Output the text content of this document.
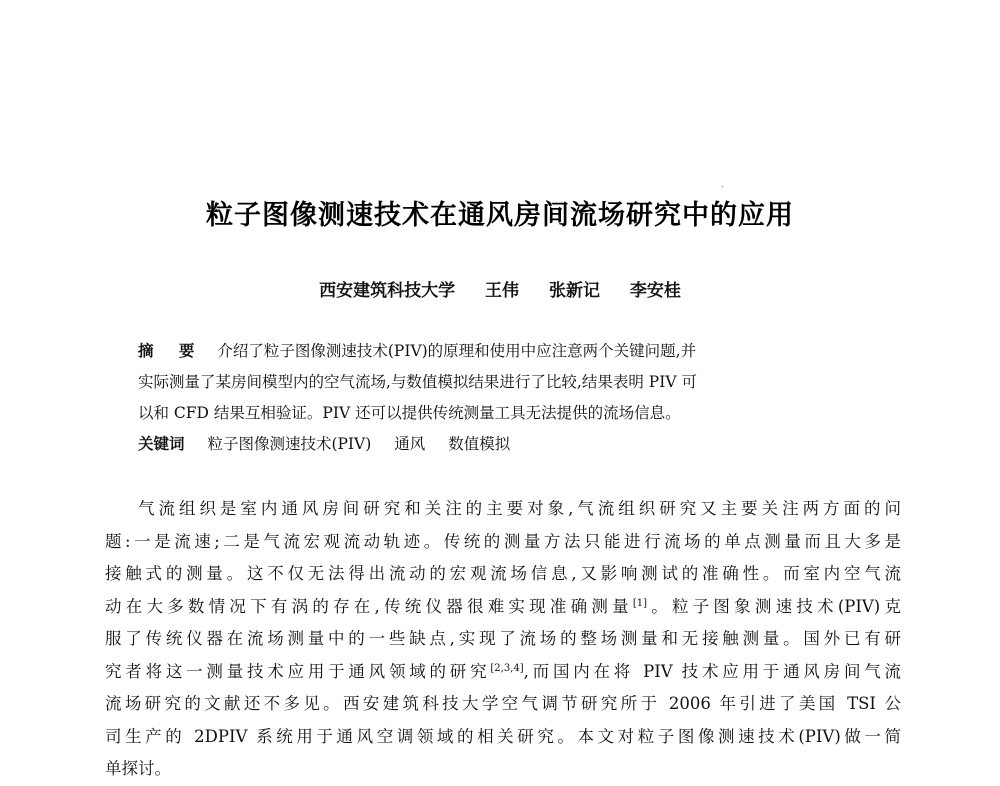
粒子图像测速技术在通风房间流场研究中的应用
西安建筑科技大学 王伟 张新记 李安桂
摘 要 介绍了粒子图像测速技术(PIV)的原理和使用中应注意两个关键问题,并
实际测量了某房间模型内的空气流场,与数值模拟结果进行了比较,结果表明 PIV 可
以和 CFD 结果互相验证。PIV 还可以提供传统测量工具无法提供的流场信息。
关键词 粒子图像测速技术(PIV) 通风 数值模拟
气流组织是室内通风房间研究和关注的主要对象,气流组织研究又主要关注两方面的问
题:一是流速;二是气流宏观流动轨迹。传统的测量方法只能进行流场的单点测量而且大多是
接触式的测量。这不仅无法得出流动的宏观流场信息,又影响测试的准确性。而室内空气流
动在大多数情况下有涡的存在,传统仪器很难实现准确测量[1]。粒子图象测速技术(PIV)克
服了传统仪器在流场测量中的一些缺点,实现了流场的整场测量和无接触测量。国外已有研
究者将这一测量技术应用于通风领域的研究[2,3,4],而国内在将 PIV 技术应用于通风房间气流
流场研究的文献还不多见。西安建筑科技大学空气调节研究所于 2006 年引进了美国 TSI 公
司生产的 2DPIV 系统用于通风空调领域的相关研究。本文对粒子图像测速技术(PIV)做一简
单探讨。
